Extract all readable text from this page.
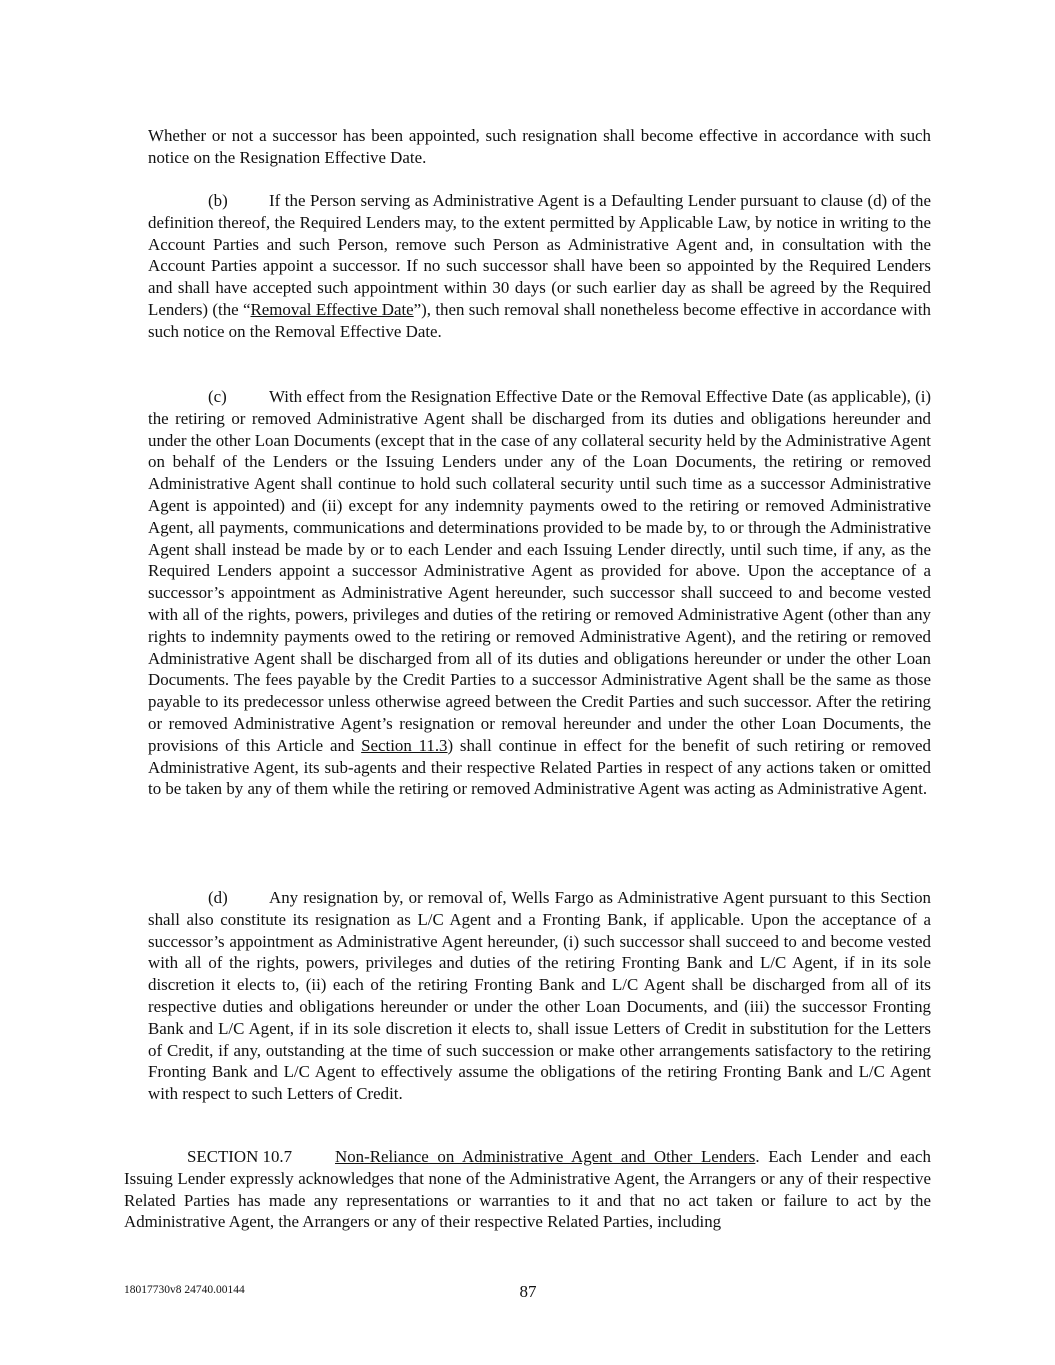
Whether or not a successor has been appointed, such resignation shall become effective in accordance with such notice on the Resignation Effective Date.

(b) If the Person serving as Administrative Agent is a Defaulting Lender pursuant to clause (d) of the definition thereof, the Required Lenders may, to the extent permitted by Applicable Law, by notice in writing to the Account Parties and such Person, remove such Person as Administrative Agent and, in consultation with the Account Parties appoint a successor. If no such successor shall have been so appointed by the Required Lenders and shall have accepted such appointment within 30 days (or such earlier day as shall be agreed by the Required Lenders) (the “Removal Effective Date”), then such removal shall nonetheless become effective in accordance with such notice on the Removal Effective Date.

(c)	With effect from the Resignation Effective Date or the Removal Effective Date (as applicable), (i) the retiring or removed Administrative Agent shall be discharged from its duties and obligations hereunder and under the other Loan Documents (except that in the case of any collateral security held by the Administrative Agent on behalf of the Lenders or the Issuing Lenders under any of the Loan Documents, the retiring or removed Administrative Agent shall continue to hold such collateral security until such time as a successor Administrative Agent is appointed) and (ii) except for any indemnity payments owed to the retiring or removed Administrative Agent, all payments, communications and determinations provided to be made by, to or through the Administrative Agent shall instead be made by or to each Lender and each Issuing Lender directly, until such time, if any, as the Required Lenders appoint a successor Administrative Agent as provided for above. Upon the acceptance of a successor’s appointment as Administrative Agent hereunder, such successor shall succeed to and become vested with all of the rights, powers, privileges and duties of the retiring or removed Administrative Agent (other than any rights to indemnity payments owed to the retiring or removed Administrative Agent), and the retiring or removed Administrative Agent shall be discharged from all of its duties and obligations hereunder or under the other Loan Documents. The fees payable by the Credit Parties to a successor Administrative Agent shall be the same as those payable to its predecessor unless otherwise agreed between the Credit Parties and such successor. After the retiring or removed Administrative Agent’s resignation or removal hereunder and under the other Loan Documents, the provisions of this Article and Section 11.3) shall continue in effect for the benefit of such retiring or removed Administrative Agent, its sub-agents and their respective Related Parties in respect of any actions taken or omitted to be taken by any of them while the retiring or removed Administrative Agent was acting as Administrative Agent.

(d) Any resignation by, or removal of, Wells Fargo as Administrative Agent pursuant to this Section shall also constitute its resignation as L/C Agent and a Fronting Bank, if applicable. Upon the acceptance of a successor’s appointment as Administrative Agent hereunder, (i) such successor shall succeed to and become vested with all of the rights, powers, privileges and duties of the retiring Fronting Bank and L/C Agent, if in its sole discretion it elects to, (ii) each of the retiring Fronting Bank and L/C Agent shall be discharged from all of its respective duties and obligations hereunder or under the other Loan Documents, and (iii) the successor Fronting Bank and L/C Agent, if in its sole discretion it elects to, shall issue Letters of Credit in substitution for the Letters of Credit, if any, outstanding at the time of such succession or make other arrangements satisfactory to the retiring Fronting Bank and L/C Agent to effectively assume the obligations of the retiring Fronting Bank and L/C Agent with respect to such Letters of Credit.

SECTION 10.7	Non-Reliance on Administrative Agent and Other Lenders. Each Lender and each Issuing Lender expressly acknowledges that none of the Administrative Agent, the Arrangers or any of their respective Related Parties has made any representations or warranties to it and that no act taken or failure to act by the Administrative Agent, the Arrangers or any of their respective Related Parties, including

18017730v8 24740.00144	87
